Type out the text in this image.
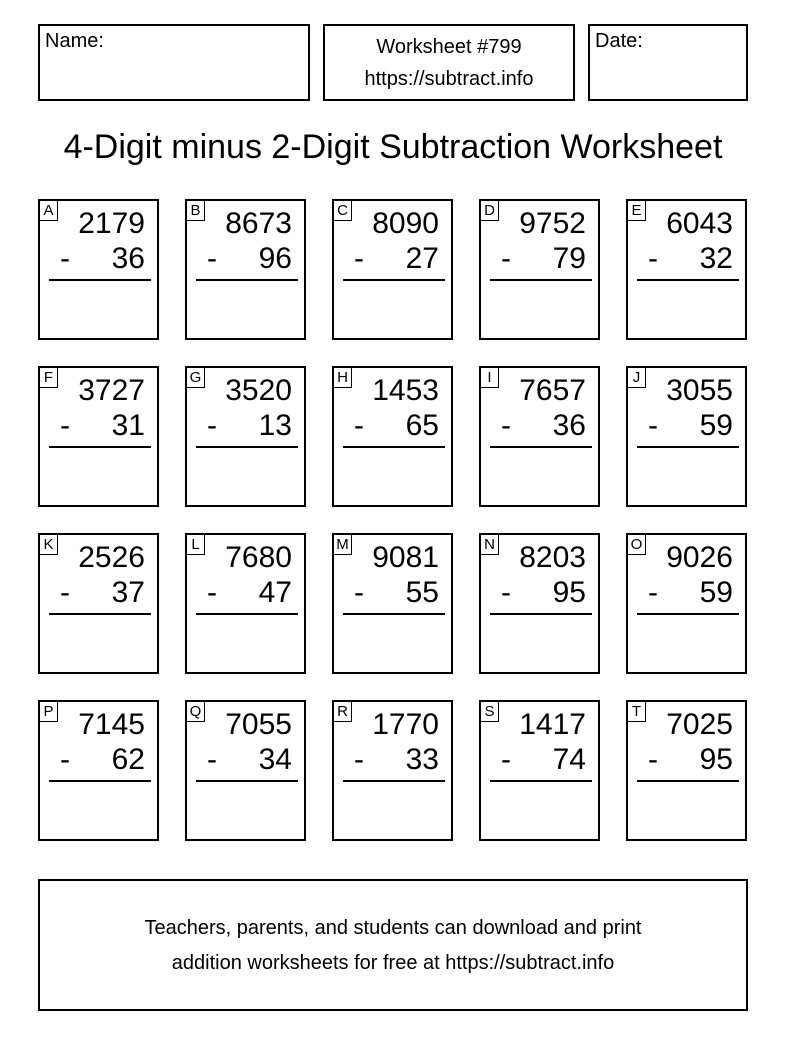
Name:	Worksheet #799
https://subtract.info
Date:
4-Digit minus 2-Digit Subtraction Worksheet
A 2179
- 36
B 8673
- 96
C 8090
- 27
D 9752
- 79
E 6043
- 32
F 3727
- 31
G 3520
- 13
H 1453
- 65
I 7657
- 36
J 3055
- 59
K 2526
- 37
L 7680
- 47
M 9081
- 55
N 8203
- 95
O 9026
- 59
P 7145
- 62
Q 7055
- 34
R 1770
- 33
S 1417
- 74
T 7025
- 95
Teachers, parents, and students can download and print
addition worksheets for free at https://subtract.info
